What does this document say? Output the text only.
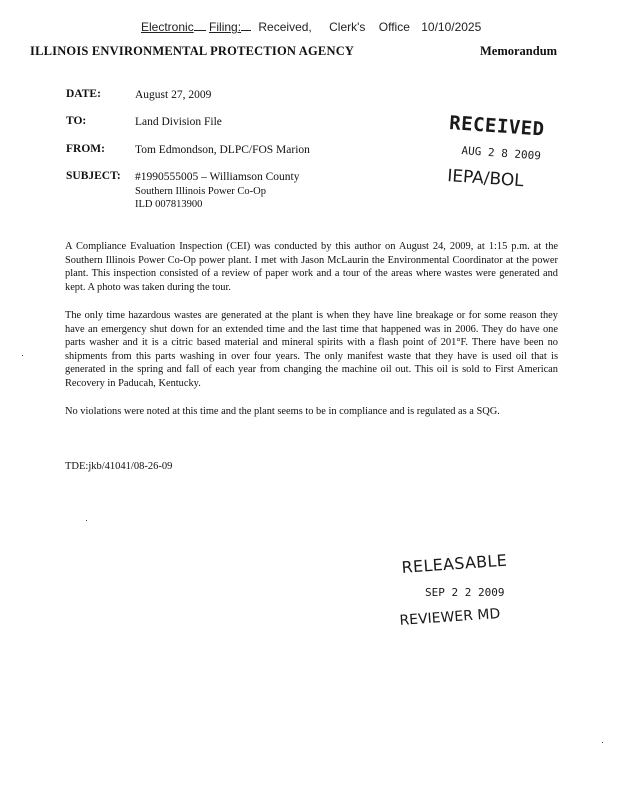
Electronic Filing: Received, Clerk's Office 10/10/2025
ILLINOIS ENVIRONMENTAL PROTECTION AGENCY	Memorandum
DATE:	August 27, 2009
TO:	Land Division File
FROM:	Tom Edmondson, DLPC/FOS Marion
SUBJECT: #1990555005 – Williamson County
Southern Illinois Power Co-Op
ILD 007813900
RECEIVED
AUG 2 8 2009
IEPA/BOL
A Compliance Evaluation Inspection (CEI) was conducted by this author on August 24, 2009, at 1:15 p.m. at the Southern Illinois Power Co-Op power plant. I met with Jason McLaurin the Environmental Coordinator at the power plant. This inspection consisted of a review of paper work and a tour of the areas where wastes were generated and kept. A photo was taken during the tour.
The only time hazardous wastes are generated at the plant is when they have line breakage or for some reason they have an emergency shut down for an extended time and the last time that happened was in 2006. They do have one parts washer and it is a citric based material and mineral spirits with a flash point of 201°F. There have been no shipments from this parts washing in over four years. The only manifest waste that they have is used oil that is generated in the spring and fall of each year from changing the machine oil out. This oil is sold to First American Recovery in Paducah, Kentucky.
No violations were noted at this time and the plant seems to be in compliance and is regulated as a SQG.
TDE:jkb/41041/08-26-09
RELEASABLE
SEP 2 2 2009
REVIEWER MD
